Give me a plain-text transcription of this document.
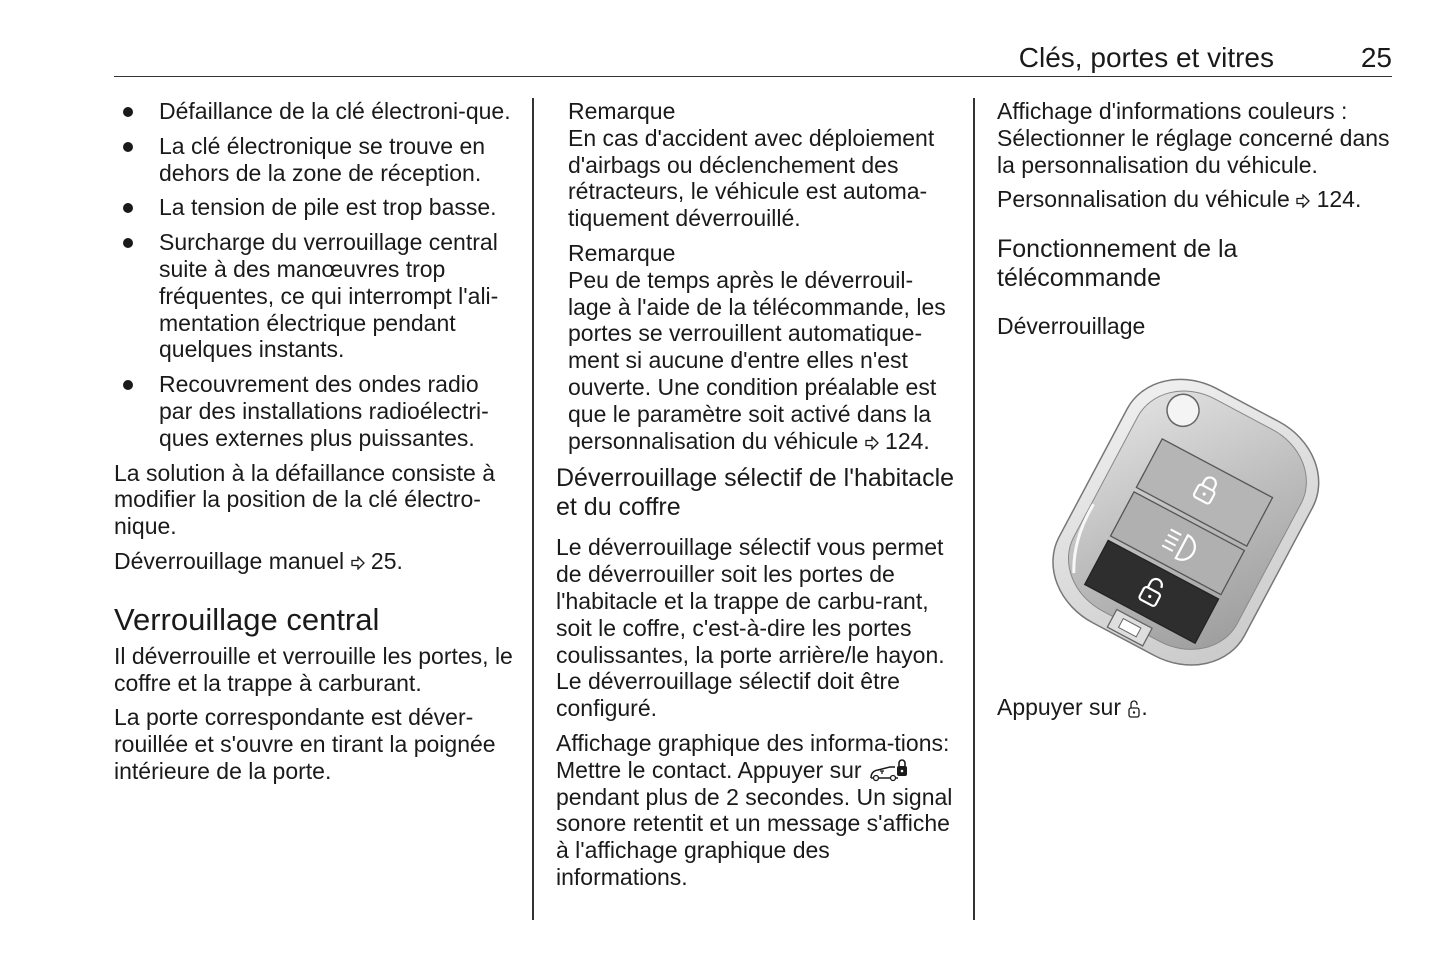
Clés, portes et vitres	25
Défaillance de la clé électroni-que.
La clé électronique se trouve en dehors de la zone de réception.
La tension de pile est trop basse.
Surcharge du verrouillage central suite à des manœuvres trop fréquentes, ce qui interrompt l'ali-mentation électrique pendant quelques instants.
Recouvrement des ondes radio par des installations radioélectri-ques externes plus puissantes.

La solution à la défaillance consiste à modifier la position de la clé électro-nique.

Déverrouillage manuel 25.

Verrouillage central

Il déverrouille et verrouille les portes, le coffre et la trappe à carburant.

La porte correspondante est déver-rouillée et s'ouvre en tirant la poignée intérieure de la porte.

Remarque
En cas d'accident avec déploiement d'airbags ou déclenchement des rétracteurs, le véhicule est automa-tiquement déverrouillé.
Remarque
Peu de temps après le déverrouil-lage à l'aide de la télécommande, les portes se verrouillent automatique-ment si aucune d'entre elles n'est ouverte. Une condition préalable est que le paramètre soit activé dans la personnalisation du véhicule 124.
Déverrouillage sélectif de l'habitacle et du coffre

Le déverrouillage sélectif vous permet de déverrouiller soit les portes de l'habitacle et la trappe de carbu-rant, soit le coffre, c'est-à-dire les portes coulissantes, la porte arrière/le hayon. Le déverrouillage sélectif doit être configuré.

Affichage graphique des informa-tions: Mettre le contact. Appuyer sur  pendant plus de 2 secondes. Un signal sonore retentit et un message s'affiche à l'affichage graphique des informations.

Affichage d'informations couleurs : Sélectionner le réglage concerné dans la personnalisation du véhicule.

Personnalisation du véhicule 124.

Fonctionnement de la télécommande
Déverrouillage

Appuyer sur .
